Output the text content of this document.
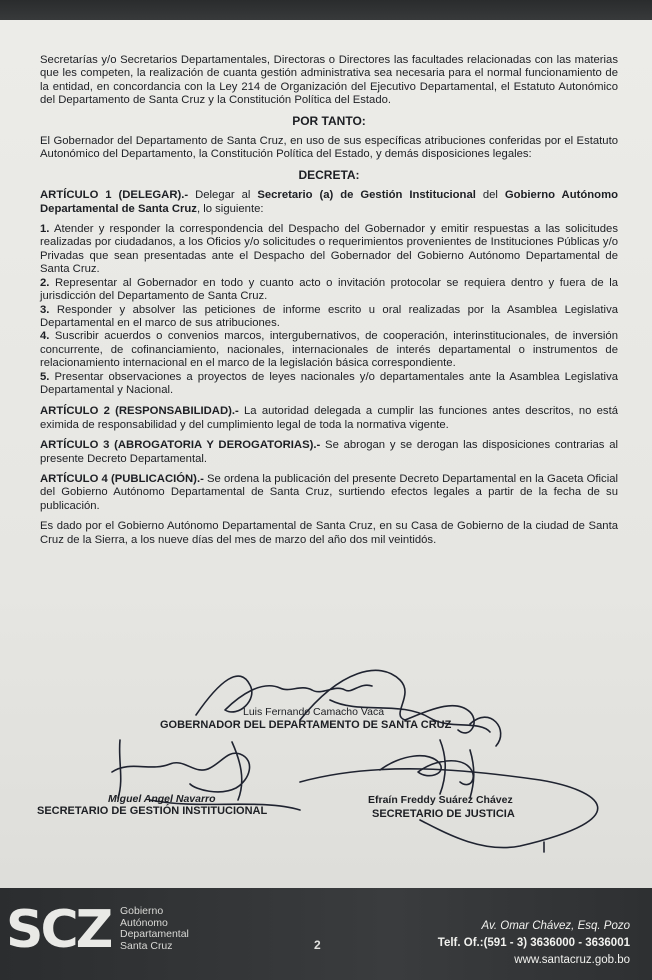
Secretarías y/o Secretarios Departamentales, Directoras o Directores las facultades relacionadas con las materias que les competen, la realización de cuanta gestión administrativa sea necesaria para el normal funcionamiento de la entidad, en concordancia con la Ley 214 de Organización del Ejecutivo Departamental, el Estatuto Autonómico del Departamento de Santa Cruz y la Constitución Política del Estado.

POR TANTO:

El Gobernador del Departamento de Santa Cruz, en uso de sus específicas atribuciones conferidas por el Estatuto Autonómico del Departamento, la Constitución Política del Estado, y demás disposiciones legales:

DECRETA:

ARTÍCULO 1 (DELEGAR).- Delegar al Secretario (a) de Gestión Institucional del Gobierno Autónomo Departamental de Santa Cruz, lo siguiente:

1. Atender y responder la correspondencia del Despacho del Gobernador y emitir respuestas a las solicitudes realizadas por ciudadanos, a los Oficios y/o solicitudes o requerimientos provenientes de Instituciones Públicas y/o Privadas que sean presentadas ante el Despacho del Gobernador del Gobierno Autónomo Departamental de Santa Cruz.

2. Representar al Gobernador en todo y cuanto acto o invitación protocolar se requiera dentro y fuera de la jurisdicción del Departamento de Santa Cruz.

3. Responder y absolver las peticiones de informe escrito u oral realizadas por la Asamblea Legislativa Departamental en el marco de sus atribuciones.

4. Suscribir acuerdos o convenios marcos, intergubernativos, de cooperación, interinstitucionales, de inversión concurrente, de cofinanciamiento, nacionales, internacionales de interés departamental o instrumentos de relacionamiento internacional en el marco de la legislación básica correspondiente.

5. Presentar observaciones a proyectos de leyes nacionales y/o departamentales ante la Asamblea Legislativa Departamental y Nacional.

ARTÍCULO 2 (RESPONSABILIDAD).- La autoridad delegada a cumplir las funciones antes descritos, no está eximida de responsabilidad y del cumplimiento legal de toda la normativa vigente.

ARTÍCULO 3 (ABROGATORIA Y DEROGATORIAS).- Se abrogan y se derogan las disposiciones contrarias al presente Decreto Departamental.

ARTÍCULO 4 (PUBLICACIÓN).- Se ordena la publicación del presente Decreto Departamental en la Gaceta Oficial del Gobierno Autónomo Departamental de Santa Cruz, surtiendo efectos legales a partir de la fecha de su publicación.

Es dado por el Gobierno Autónomo Departamental de Santa Cruz, en su Casa de Gobierno de la ciudad de Santa Cruz de la Sierra, a los nueve días del mes de marzo del año dos mil veintidós.

Luis Fernando Camacho Vaca
GOBERNADOR DEL DEPARTAMENTO DE SANTA CRUZ
Miguel Angel Navarro
SECRETARIO DE GESTIÓN INSTITUCIONAL
Efraín Freddy Suárez Chávez
SECRETARIO DE JUSTICIA
SCZ Gobierno
Autónomo
Departamental
Santa Cruz	2
Av. Omar Chávez, Esq. Pozo
Telf. Of.:(591 - 3) 3636000 - 3636001
www.santacruz.gob.bo
